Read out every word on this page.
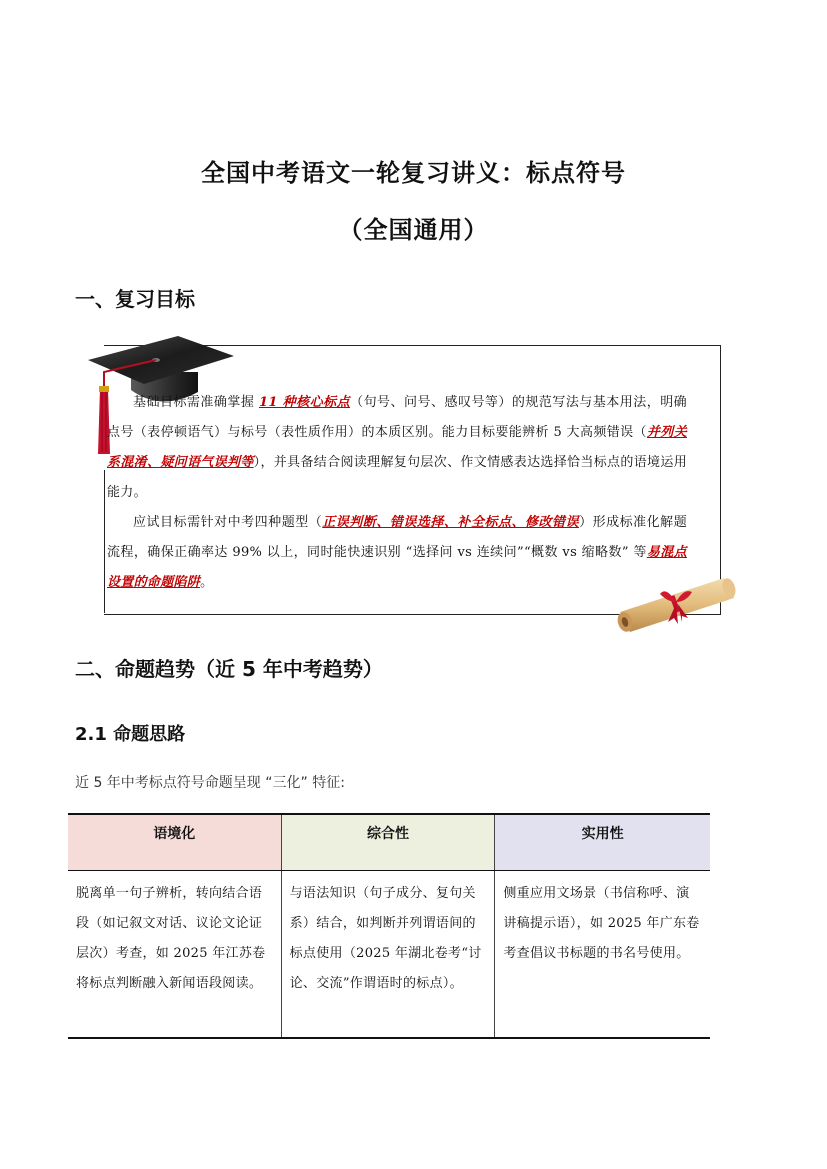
全国中考语文一轮复习讲义：标点符号
（全国通用）
一、复习目标

基础目标需准确掌握 11 种核心标点（句号、问号、感叹号等）的规范写法与基本用法，明确点号（表停顿语气）与标号（表性质作用）的本质区别。能力目标要能辨析 5 大高频错误（并列关系混淆、疑问语气误判等），并具备结合阅读理解复句层次、作文情感表达选择恰当标点的语境运用能力。

应试目标需针对中考四种题型（正误判断、错误选择、补全标点、修改错误）形成标准化解题流程，确保正确率达 99% 以上，同时能快速识别 “选择问 vs 连续问”“概数 vs 缩略数” 等易混点设置的命题陷阱。

二、命题趋势（近 5 年中考趋势）
2.1 命题思路
近 5 年中考标点符号命题呈现 “三化” 特征:
语境化	综合性	实用性
脱离单一句子辨析，转向结合语段（如记叙文对话、议论文论证层次）考查，如 2025 年江苏卷将标点判断融入新闻语段阅读。	与语法知识（句子成分、复句关系）结合，如判断并列谓语间的标点使用（2025 年湖北卷考“讨论、交流”作谓语时的标点）。	侧重应用文场景（书信称呼、演讲稿提示语），如 2025 年广东卷考查倡议书标题的书名号使用。
